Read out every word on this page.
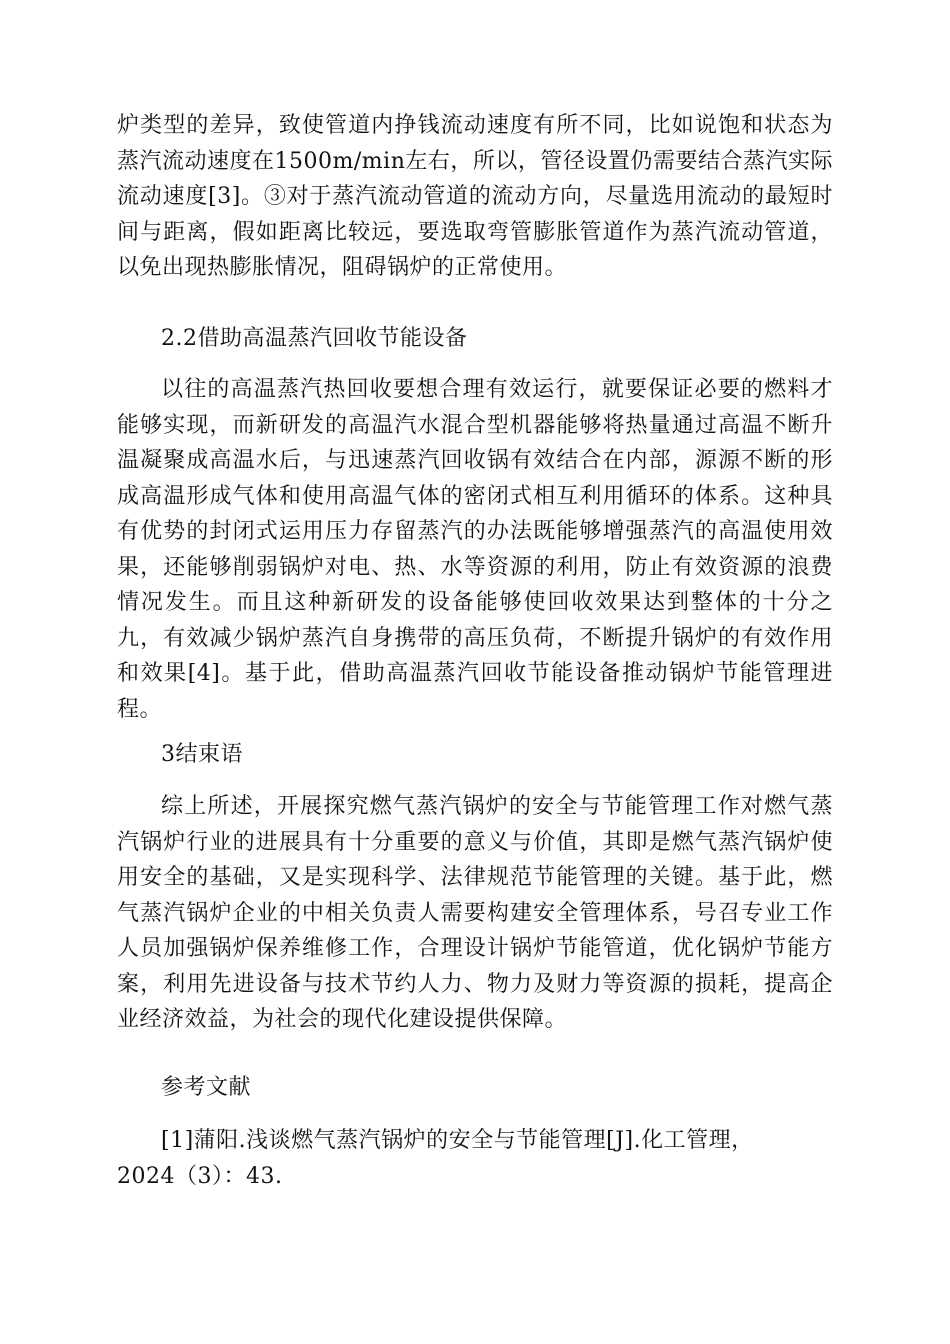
炉类型的差异，致使管道内挣钱流动速度有所不同，比如说饱和状态为蒸汽流动速度在1500m/min左右，所以，管径设置仍需要结合蒸汽实际流动速度[3]。③对于蒸汽流动管道的流动方向，尽量选用流动的最短时间与距离，假如距离比较远，要选取弯管膨胀管道作为蒸汽流动管道，以免出现热膨胀情况，阻碍锅炉的正常使用。

2.2借助高温蒸汽回收节能设备

以往的高温蒸汽热回收要想合理有效运行，就要保证必要的燃料才能够实现，而新研发的高温汽水混合型机器能够将热量通过高温不断升温凝聚成高温水后，与迅速蒸汽回收锅有效结合在内部，源源不断的形成高温形成气体和使用高温气体的密闭式相互利用循环的体系。这种具有优势的封闭式运用压力存留蒸汽的办法既能够增强蒸汽的高温使用效果，还能够削弱锅炉对电、热、水等资源的利用，防止有效资源的浪费情况发生。而且这种新研发的设备能够使回收效果达到整体的十分之九，有效减少锅炉蒸汽自身携带的高压负荷，不断提升锅炉的有效作用和效果[4]。基于此，借助高温蒸汽回收节能设备推动锅炉节能管理进程。

3结束语

综上所述，开展探究燃气蒸汽锅炉的安全与节能管理工作对燃气蒸汽锅炉行业的进展具有十分重要的意义与价值，其即是燃气蒸汽锅炉使用安全的基础，又是实现科学、法律规范节能管理的关键。基于此，燃气蒸汽锅炉企业的中相关负责人需要构建安全管理体系，号召专业工作人员加强锅炉保养维修工作，合理设计锅炉节能管道，优化锅炉节能方案，利用先进设备与技术节约人力、物力及财力等资源的损耗，提高企业经济效益，为社会的现代化建设提供保障。

参考文献

[1]蒲阳.浅谈燃气蒸汽锅炉的安全与节能管理[J].化工管理，2024（3）：43.
